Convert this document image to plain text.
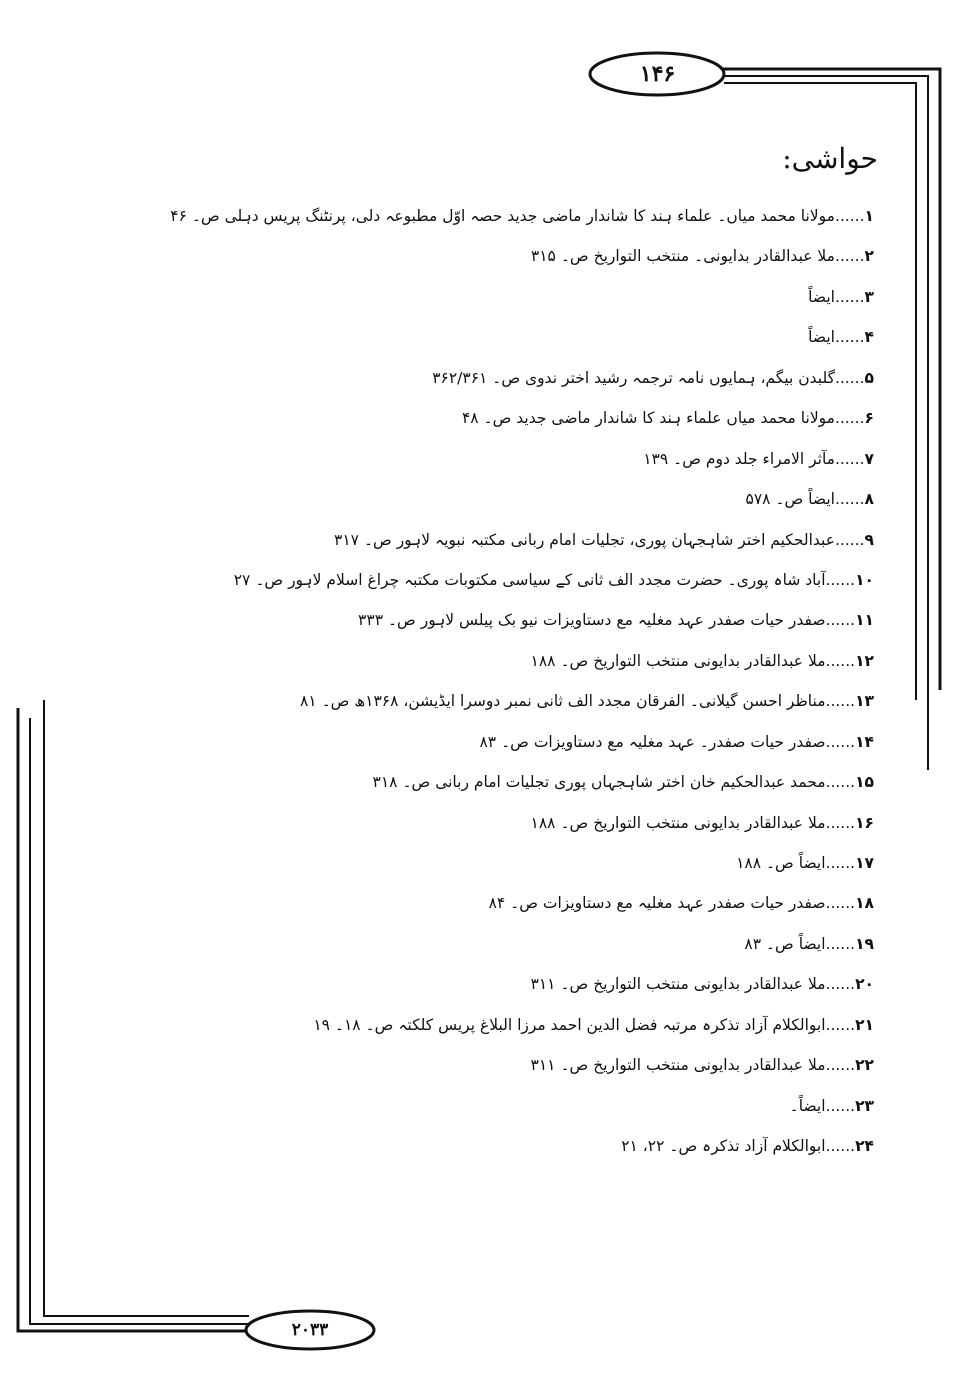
۱۴۶
حواشی:
۱......مولانا محمد میاں۔ علماء ہند کا شاندار ماضی جدید حصہ اوّل مطبوعہ دلی، پرنٹنگ پریس دہلی ص۔ ۴۶
۲......ملا عبدالقادر بدایونی۔ منتخب التواریخ ص۔ ۳۱۵
۳......ایضاً
۴......ایضاً
۵......گلبدن بیگم، ہمایوں نامہ ترجمہ رشید اختر ندوی ص۔ ۳۶۲/۳۶۱
۶......مولانا محمد میاں علماء ہند کا شاندار ماضی جدید ص۔ ۴۸
۷......مآثر الامراء جلد دوم ص۔ ۱۳۹
۸......ایضاً ص۔ ۵۷۸
۹......عبدالحکیم اختر شاہجہان پوری، تجلیات امام ربانی مکتبہ نبویہ لاہور ص۔ ۳۱۷
۱۰......آباد شاہ پوری۔ حضرت مجدد الف ثانی کے سیاسی مکتوبات مکتبہ چراغ اسلام لاہور ص۔ ۲۷
۱۱......صفدر حیات صفدر عہد مغلیہ مع دستاویزات نیو بک پیلس لاہور ص۔ ۳۳۳
۱۲......ملا عبدالقادر بدایونی منتخب التواریخ ص۔ ۱۸۸
۱۳......مناظر احسن گیلانی۔ الفرقان مجدد الف ثانی نمبر دوسرا ایڈیشن، ۱۳۶۸ھ ص۔ ۸۱
۱۴......صفدر حیات صفدر۔ عہد مغلیہ مع دستاویزات ص۔ ۸۳
۱۵......محمد عبدالحکیم خان اختر شاہجہاں پوری تجلیات امام ربانی ص۔ ۳۱۸
۱۶......ملا عبدالقادر بدایونی منتخب التواریخ ص۔ ۱۸۸
۱۷......ایضاً ص۔ ۱۸۸
۱۸......صفدر حیات صفدر عہد مغلیہ مع دستاویزات ص۔ ۸۴
۱۹......ایضاً ص۔ ۸۳
۲۰......ملا عبدالقادر بدایونی منتخب التواریخ ص۔ ۳۱۱
۲۱......ابوالکلام آزاد تذکرہ مرتبہ فضل الدین احمد مرزا البلاغ پریس کلکتہ ص۔ ۱۸۔ ۱۹
۲۲......ملا عبدالقادر بدایونی منتخب التواریخ ص۔ ۳۱۱
۲۳......ایضاً۔
۲۴......ابوالکلام آزاد تذکرہ ص۔ ۲۲، ۲۱
۲۰۳۳
